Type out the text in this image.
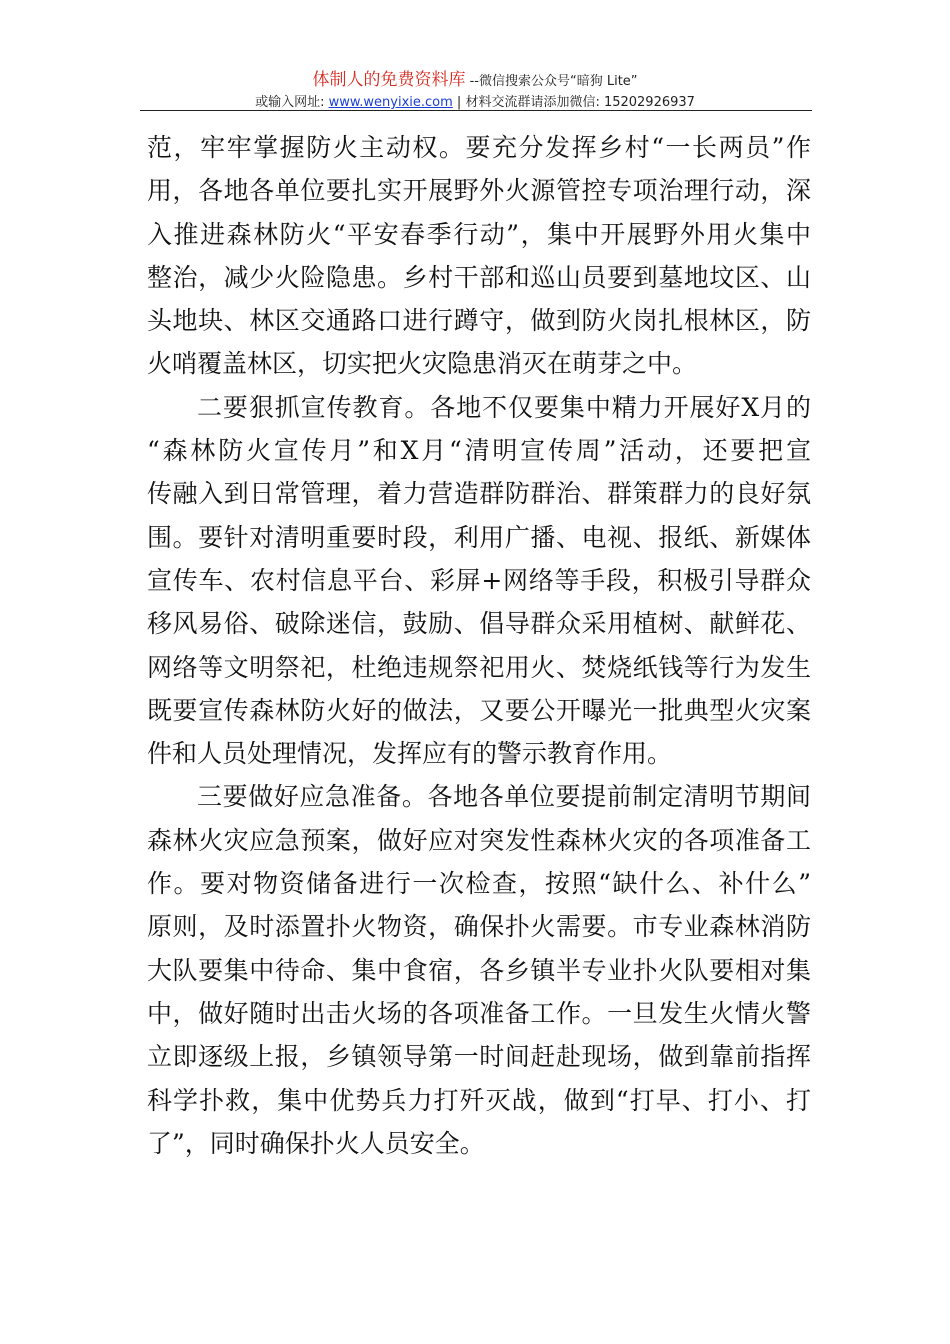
体制人的免费资料库 --微信搜索公众号“暗狗 Lite”
或输入网址: www.wenyixie.com | 材料交流群请添加微信: 15202926937
范，牢牢掌握防火主动权。要充分发挥乡村“一长两员”作
用，各地各单位要扎实开展野外火源管控专项治理行动，深
入推进森林防火“平安春季行动”，集中开展野外用火集中
整治，减少火险隐患。乡村干部和巡山员要到墓地坟区、山
头地块、林区交通路口进行蹲守，做到防火岗扎根林区，防
火哨覆盖林区，切实把火灾隐患消灭在萌芽之中。
二要狠抓宣传教育。各地不仅要集中精力开展好X月的
“森林防火宣传月”和X月“清明宣传周”活动，还要把宣
传融入到日常管理，着力营造群防群治、群策群力的良好氛
围。要针对清明重要时段，利用广播、电视、报纸、新媒体
宣传车、农村信息平台、彩屏+网络等手段，积极引导群众
移风易俗、破除迷信，鼓励、倡导群众采用植树、献鲜花、
网络等文明祭祀，杜绝违规祭祀用火、焚烧纸钱等行为发生
既要宣传森林防火好的做法，又要公开曝光一批典型火灾案
件和人员处理情况，发挥应有的警示教育作用。
三要做好应急准备。各地各单位要提前制定清明节期间
森林火灾应急预案，做好应对突发性森林火灾的各项准备工
作。要对物资储备进行一次检查，按照“缺什么、补什么”
原则，及时添置扑火物资，确保扑火需要。市专业森林消防
大队要集中待命、集中食宿，各乡镇半专业扑火队要相对集
中，做好随时出击火场的各项准备工作。一旦发生火情火警
立即逐级上报，乡镇领导第一时间赶赴现场，做到靠前指挥
科学扑救，集中优势兵力打歼灭战，做到“打早、打小、打
了”，同时确保扑火人员安全。
